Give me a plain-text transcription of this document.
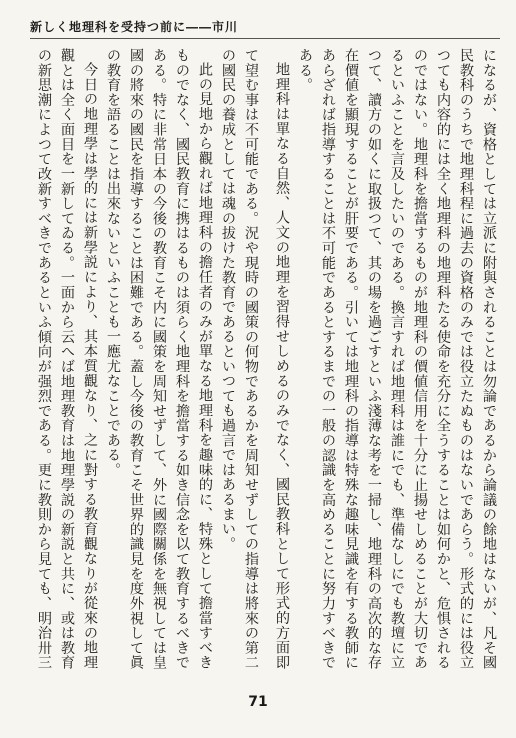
新しく地理科を受持つ前に――市川

になるが、資格としては立派に附與されることは勿論であるから論議の餘地はないが、凡そ國民教科のうちで地理科程に過去の資格のみでは役立たぬものはないであらう。形式的には役立つても内容的には全く地理科の地理科たる使命を充分に全うすることは如何かと、危惧されるのではない。地理科を擔當するものが地理科の價値信用を十分に止揚せしめることが大切であるといふことを言及したいのである。換言すれば地理科は誰にでも、準備なしにでも教壇に立つて、讀方の如くに取扱つて、其の場を過ごすといふ淺薄な考を一掃し、地理科の高次的な存在價値を顯現することが肝要である。引いては地理科の指導は特殊な趣味見識を有する教師にあらざれば指導することは不可能であるとするまでの一般の認識を高めることに努力すべきである。

地理科は單なる自然、人文の地理を習得せしめるのみでなく、國民教科として形式的方面即

て望む事は不可能である。況や現時の國策の何物であるかを周知せずしての指導は將來の第二の國民の養成としては魂の拔けた教育であるといつても過言ではあるまい。

此の見地から觀れば地理科の擔任者のみが單なる地理科を趣味的に、特殊として擔當すべきものでなく、國民教育に携はるものは須らく地理科を擔當する如き信念を以て教育するべきである。特に非常日本の今後の教育こそ内に國策を周知せずして、外に國際關係を無視しては皇國の將來の國民を指導することは困難である。蓋し今後の教育こそ世界的識見を度外視して眞の教育を語ることは出來ないといふことも一應尤なことである。

今日の地理學は學的には新學説により、其本質觀なり、之に對する教育觀なりが從來の地理觀とは全く面目を一新してゐる。一面から云へば地理教育は地理學説の新説と共に、或は教育の新思潮によつて改新すべきであるといふ傾向が强烈である。更に教則から見ても、明治卅三

71
